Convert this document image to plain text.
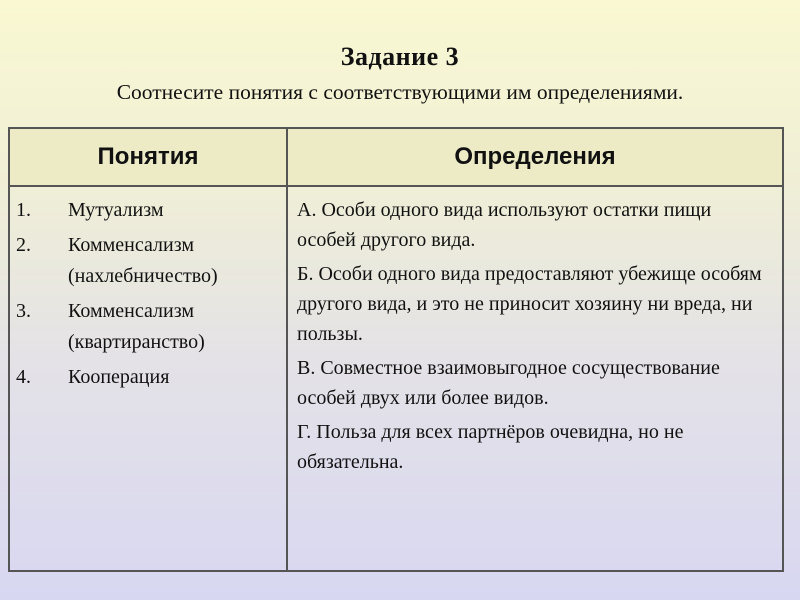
Задание 3
Соотнесите понятия с соответствующими им определениями.
Понятия	Определения
1. Мутуализм
2. Комменсализм (нахлебничество)
3. Комменсализм (квартиранство)
4. Кооперация
А. Особи одного вида используют остатки пищи особей другого вида.
Б. Особи одного вида предоставляют убежище особям другого вида, и это не приносит хозяину ни вреда, ни пользы.
В. Совместное взаимовыгодное сосуществование особей двух или более видов.
Г. Польза для всех партнёров очевидна, но не обязательна.
